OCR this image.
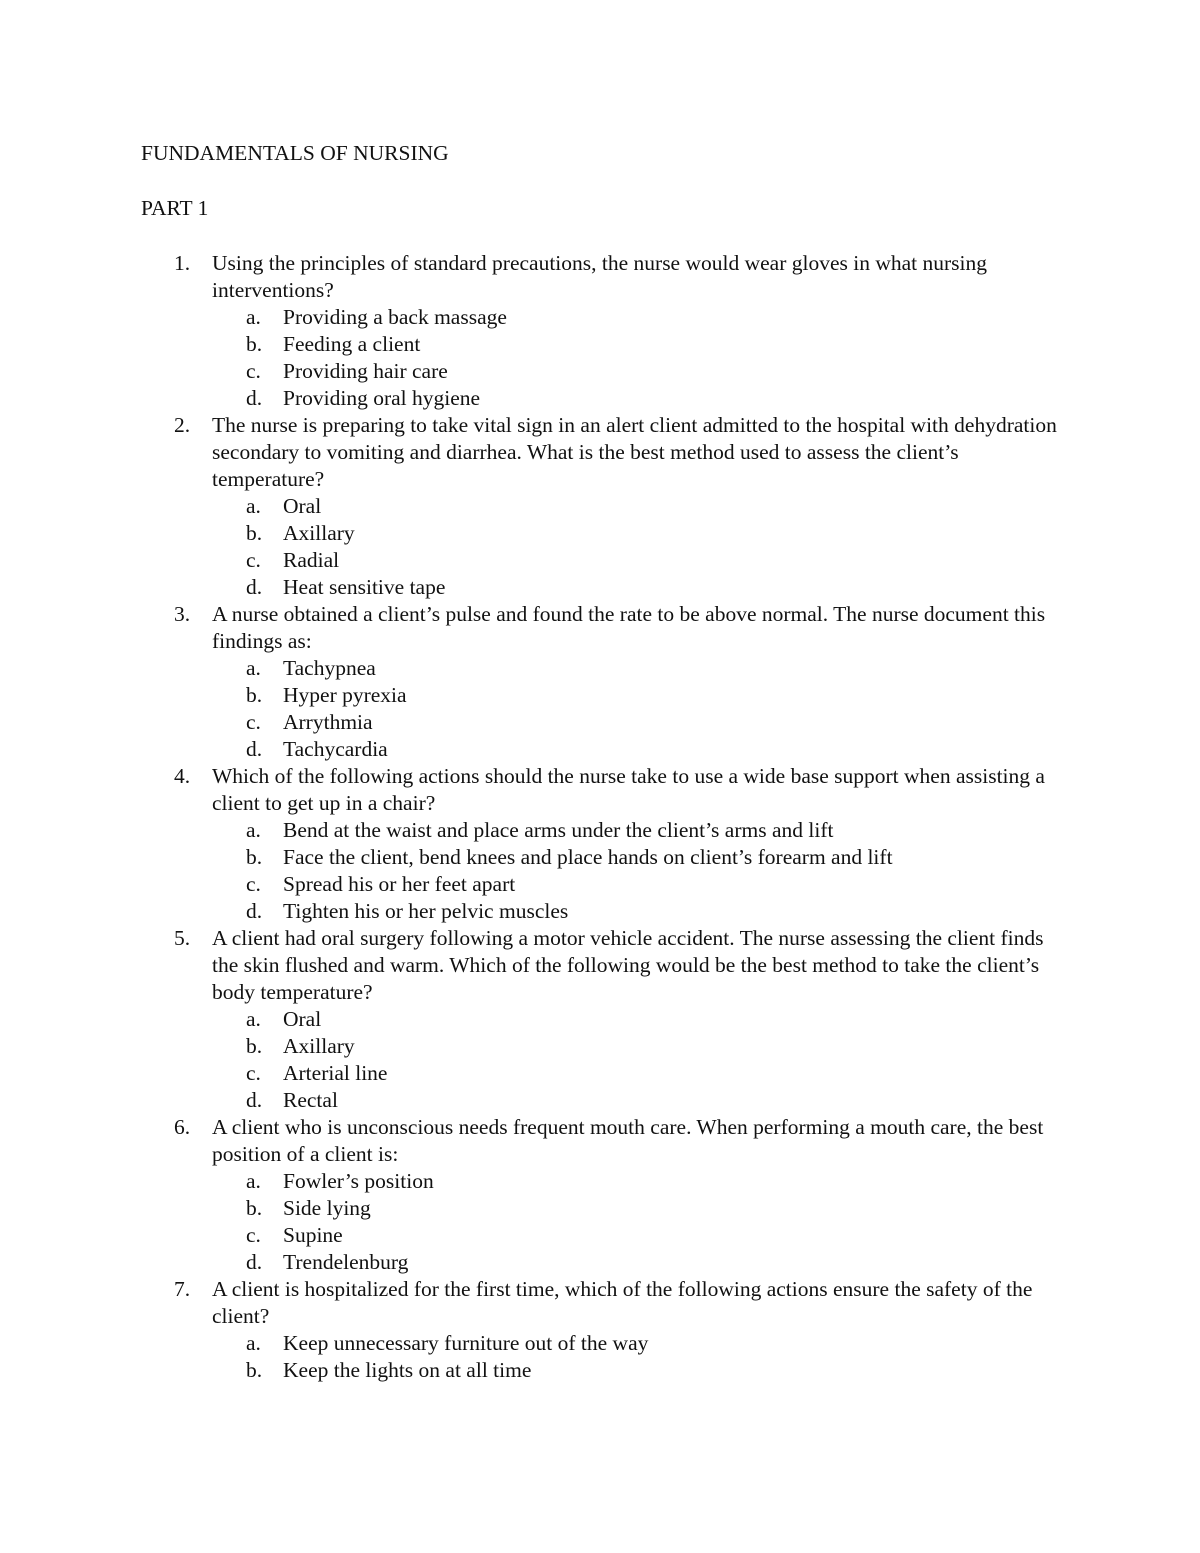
FUNDAMENTALS OF NURSING
PART 1
1. Using the principles of standard precautions, the nurse would wear gloves in what nursing interventions?
a. Providing a back massage
b. Feeding a client
c. Providing hair care
d. Providing oral hygiene
2. The nurse is preparing to take vital sign in an alert client admitted to the hospital with dehydration secondary to vomiting and diarrhea. What is the best method used to assess the client’s temperature?
a. Oral
b. Axillary
c. Radial
d. Heat sensitive tape
3. A nurse obtained a client’s pulse and found the rate to be above normal. The nurse document this findings as:
a. Tachypnea
b. Hyper pyrexia
c. Arrythmia
d. Tachycardia
4. Which of the following actions should the nurse take to use a wide base support when assisting a client to get up in a chair?
a. Bend at the waist and place arms under the client’s arms and lift
b. Face the client, bend knees and place hands on client’s forearm and lift
c. Spread his or her feet apart
d. Tighten his or her pelvic muscles
5. A client had oral surgery following a motor vehicle accident. The nurse assessing the client finds the skin flushed and warm. Which of the following would be the best method to take the client’s body temperature?
a. Oral
b. Axillary
c. Arterial line
d. Rectal
6. A client who is unconscious needs frequent mouth care. When performing a mouth care, the best position of a client is:
a. Fowler’s position
b. Side lying
c. Supine
d. Trendelenburg
7. A client is hospitalized for the first time, which of the following actions ensure the safety of the client?
a. Keep unnecessary furniture out of the way
b. Keep the lights on at all time
